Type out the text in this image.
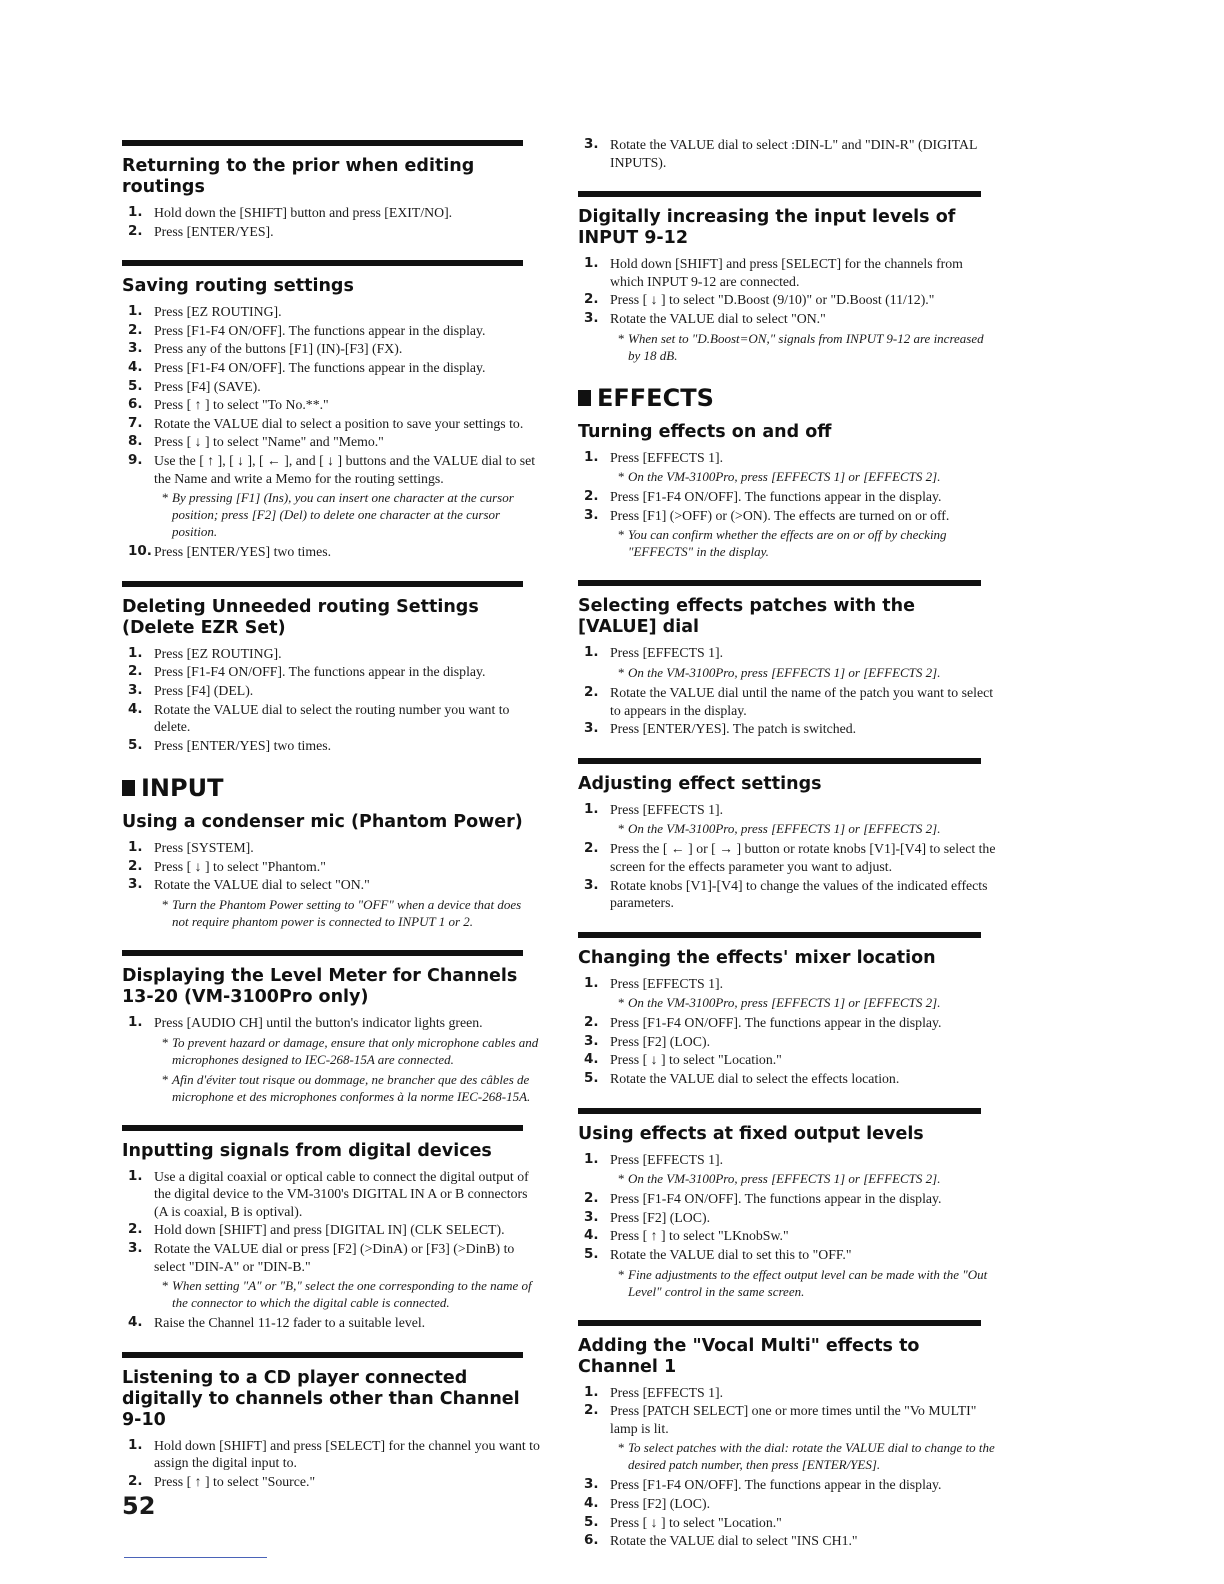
Returning to the prior when editing routings
1. Hold down the [SHIFT] button and press [EXIT/NO].
2. Press [ENTER/YES].
Saving routing settings
1. Press [EZ ROUTING].
2. Press [F1-F4 ON/OFF]. The functions appear in the display.
3. Press any of the buttons [F1] (IN)-[F3] (FX).
4. Press [F1-F4 ON/OFF]. The functions appear in the display.
5. Press [F4] (SAVE).
6. Press [ ↑ ] to select "To No.**."
7. Rotate the VALUE dial to select a position to save your settings to.
8. Press [ ↓ ] to select "Name" and "Memo."
9. Use the [ ↑ ], [ ↓ ], [ ← ], and [ ↓ ] buttons and the VALUE dial to set the Name and write a Memo for the routing settings.
* By pressing [F1] (Ins), you can insert one character at the cursor position; press [F2] (Del) to delete one character at the cursor position.
10. Press [ENTER/YES] two times.
Deleting Unneeded routing Settings (Delete EZR Set)
1. Press [EZ ROUTING].
2. Press [F1-F4 ON/OFF]. The functions appear in the display.
3. Press [F4] (DEL).
4. Rotate the VALUE dial to select the routing number you want to delete.
5. Press [ENTER/YES] two times.
INPUT
Using a condenser mic (Phantom Power)
1. Press [SYSTEM].
2. Press [ ↓ ] to select "Phantom."
3. Rotate the VALUE dial to select "ON."
* Turn the Phantom Power setting to "OFF" when a device that does not require phantom power is connected to INPUT 1 or 2.
Displaying the Level Meter for Channels 13-20 (VM-3100Pro only)
1. Press [AUDIO CH] until the button's indicator lights green.
* To prevent hazard or damage, ensure that only microphone cables and microphones designed to IEC-268-15A are connected.
* Afin d'éviter tout risque ou dommage, ne brancher que des câbles de microphone et des microphones conformes à la norme IEC-268-15A.
Inputting signals from digital devices
1. Use a digital coaxial or optical cable to connect the digital output of the digital device to the VM-3100's DIGITAL IN A or B connectors (A is coaxial, B is optival).
2. Hold down [SHIFT] and press [DIGITAL IN] (CLK SELECT).
3. Rotate the VALUE dial or press [F2] (>DinA) or [F3] (>DinB) to select "DIN-A" or "DIN-B."
* When setting "A" or "B," select the one corresponding to the name of the connector to which the digital cable is connected.
4. Raise the Channel 11-12 fader to a suitable level.
Listening to a CD player connected digitally to channels other than Channel 9-10
1. Hold down [SHIFT] and press [SELECT] for the channel you want to assign the digital input to.
2. Press [ ↑ ] to select "Source."
3. Rotate the VALUE dial to select :DIN-L" and "DIN-R" (DIGITAL INPUTS).
Digitally increasing the input levels of INPUT 9-12
1. Hold down [SHIFT] and press [SELECT] for the channels from which INPUT 9-12 are connected.
2. Press [ ↓ ] to select "D.Boost (9/10)" or "D.Boost (11/12)."
3. Rotate the VALUE dial to select "ON."
* When set to "D.Boost=ON," signals from INPUT 9-12 are increased by 18 dB.
EFFECTS
Turning effects on and off
1. Press [EFFECTS 1].
* On the VM-3100Pro, press [EFFECTS 1] or [EFFECTS 2].
2. Press [F1-F4 ON/OFF]. The functions appear in the display.
3. Press [F1] (>OFF) or (>ON). The effects are turned on or off.
* You can confirm whether the effects are on or off by checking "EFFECTS" in the display.
Selecting effects patches with the [VALUE] dial
1. Press [EFFECTS 1].
* On the VM-3100Pro, press [EFFECTS 1] or [EFFECTS 2].
2. Rotate the VALUE dial until the name of the patch you want to select to appears in the display.
3. Press [ENTER/YES]. The patch is switched.
Adjusting effect settings
1. Press [EFFECTS 1].
* On the VM-3100Pro, press [EFFECTS 1] or [EFFECTS 2].
2. Press the [ ← ] or [ → ] button or rotate knobs [V1]-[V4] to select the screen for the effects parameter you want to adjust.
3. Rotate knobs [V1]-[V4] to change the values of the indicated effects parameters.
Changing the effects' mixer location
1. Press [EFFECTS 1].
* On the VM-3100Pro, press [EFFECTS 1] or [EFFECTS 2].
2. Press [F1-F4 ON/OFF]. The functions appear in the display.
3. Press [F2] (LOC).
4. Press [ ↓ ] to select "Location."
5. Rotate the VALUE dial to select the effects location.
Using effects at fixed output levels
1. Press [EFFECTS 1].
* On the VM-3100Pro, press [EFFECTS 1] or [EFFECTS 2].
2. Press [F1-F4 ON/OFF]. The functions appear in the display.
3. Press [F2] (LOC).
4. Press [ ↑ ] to select "LKnobSw."
5. Rotate the VALUE dial to set this to "OFF."
* Fine adjustments to the effect output level can be made with the "Out Level" control in the same screen.
Adding the "Vocal Multi" effects to Channel 1
1. Press [EFFECTS 1].
2. Press [PATCH SELECT] one or more times until the "Vo MULTI" lamp is lit.
* To select patches with the dial: rotate the VALUE dial to change to the desired patch number, then press [ENTER/YES].
3. Press [F1-F4 ON/OFF]. The functions appear in the display.
4. Press [F2] (LOC).
5. Press [ ↓ ] to select "Location."
6. Rotate the VALUE dial to select "INS CH1."
52
